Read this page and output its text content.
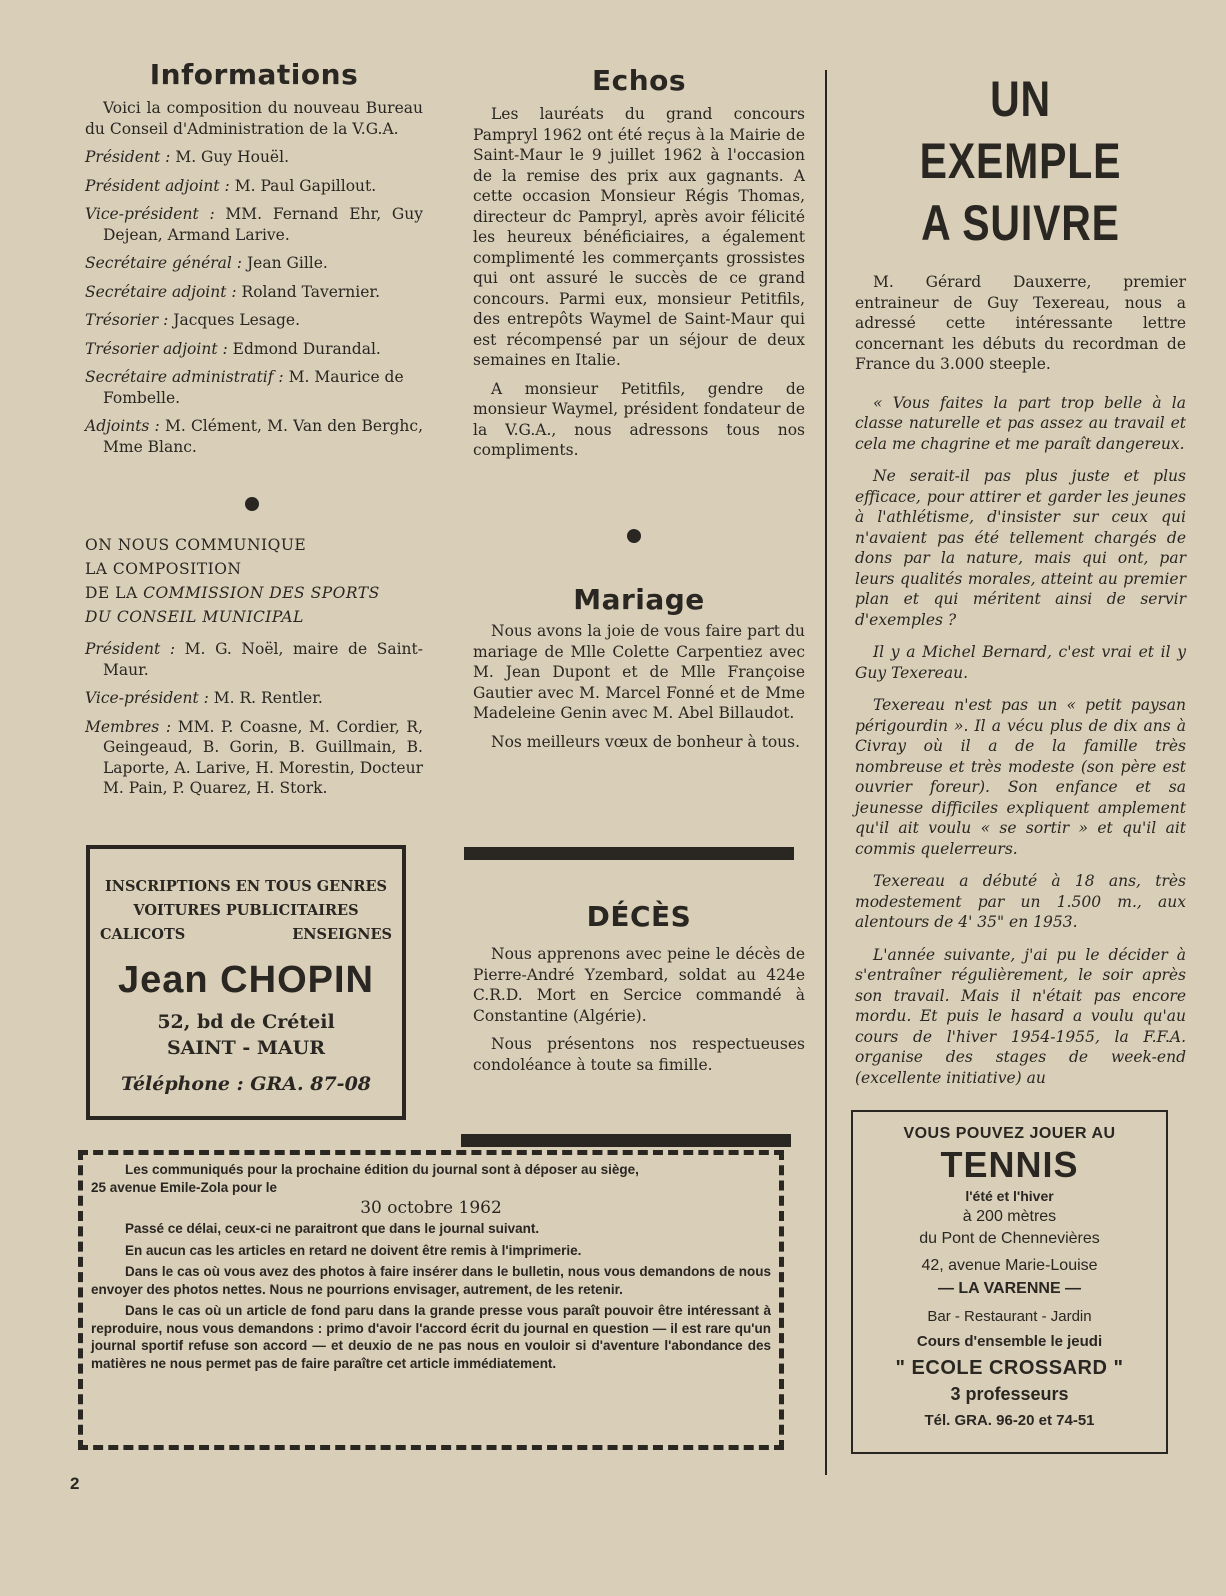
Informations

Voici la composition du nouveau Bureau du Conseil d'Administration de la V.G.A.

Président : M. Guy Houël.

Président adjoint : M. Paul Gapillout.

Vice-président : MM. Fernand Ehr, Guy Dejean, Armand Larive.

Secrétaire général : Jean Gille.

Secrétaire adjoint : Roland Tavernier.

Trésorier : Jacques Lesage.

Trésorier adjoint : Edmond Durandal.

Secrétaire administratif : M. Maurice de Fombelle.

Adjoints : M. Clément, M. Van den Berghc, Mme Blanc.

ON NOUS COMMUNIQUE
LA COMPOSITION
DE LA COMMISSION DES SPORTS
DU CONSEIL MUNICIPAL

Président : M. G. Noël, maire de Saint-Maur.

Vice-président : M. R. Rentler.

Membres : MM. P. Coasne, M. Cordier, R, Geingeaud, B. Gorin, B. Guillmain, B. Laporte, A. Larive, H. Morestin, Docteur M. Pain, P. Quarez, H. Stork.

INSCRIPTIONS EN TOUS GENRES
VOITURES PUBLICITAIRES
CALICOTS	ENSEIGNES
Jean CHOPIN
52, bd de Créteil
SAINT - MAUR
Téléphone : GRA. 87-08
Echos

Les lauréats du grand concours Pampryl 1962 ont été reçus à la Mairie de Saint-Maur le 9 juillet 1962 à l'occasion de la remise des prix aux gagnants. A cette occasion Monsieur Régis Thomas, directeur dc Pampryl, après avoir félicité les heureux bénéficiaires, a également complimenté les commerçants grossistes qui ont assuré le succès de ce grand concours. Parmi eux, monsieur Petitfils, des entrepôts Waymel de Saint-Maur qui est récompensé par un séjour de deux semaines en Italie.

A monsieur Petitfils, gendre de monsieur Waymel, président fondateur de la V.G.A., nous adressons tous nos compliments.

Mariage

Nous avons la joie de vous faire part du mariage de Mlle Colette Carpentiez avec M. Jean Dupont et de Mlle Françoise Gautier avec M. Marcel Fonné et de Mme Madeleine Genin avec M. Abel Billaudot.

Nos meilleurs vœux de bonheur à tous.

DÉCÈS

Nous apprenons avec peine le décès de Pierre-André Yzembard, soldat au 424e C.R.D. Mort en Sercice commandé à Constantine (Algérie).

Nous présentons nos respectueuses condoléance à toute sa fimille.

Les communiqués pour la prochaine édition du journal sont à déposer au siège,
25 avenue Emile-Zola pour le
30 octobre 1962
Passé ce délai, ceux-ci ne paraitront que dans le journal suivant.
En aucun cas les articles en retard ne doivent être remis à l'imprimerie.
Dans le cas où vous avez des photos à faire insérer dans le bulletin, nous vous demandons de nous envoyer des photos nettes. Nous ne pourrions envisager, autrement, de les retenir.
Dans le cas où un article de fond paru dans la grande presse vous paraît pouvoir être intéressant à reproduire, nous vous demandons : primo d'avoir l'accord écrit du journal en question — il est rare qu'un journal sportif refuse son accord — et deuxio de ne pas nous en vouloir si d'aventure l'abondance des matières ne nous permet pas de faire paraître cet article immédiatement.
2
UN EXEMPLE
A SUIVRE

M. Gérard Dauxerre, premier entraineur de Guy Texereau, nous a adressé cette intéressante lettre concernant les débuts du recordman de France du 3.000 steeple.

« Vous faites la part trop belle à la classe naturelle et pas assez au travail et cela me chagrine et me paraît dangereux.

Ne serait-il pas plus juste et plus efficace, pour attirer et garder les jeunes à l'athlétisme, d'insister sur ceux qui n'avaient pas été tellement chargés de dons par la nature, mais qui ont, par leurs qualités morales, atteint au premier plan et qui méritent ainsi de servir d'exemples ?

Il y a Michel Bernard, c'est vrai et il y Guy Texereau.

Texereau n'est pas un « petit paysan périgourdin ». Il a vécu plus de dix ans à Civray où il a de la famille très nombreuse et très modeste (son père est ouvrier foreur). Son enfance et sa jeunesse difficiles expliquent amplement qu'il ait voulu « se sortir » et qu'il ait commis quelerreurs.

Texereau a débuté à 18 ans, très modestement par un 1.500 m., aux alentours de 4' 35" en 1953.

L'année suivante, j'ai pu le décider à s'entraîner régulièrement, le soir après son travail. Mais il n'était pas encore mordu. Et puis le hasard a voulu qu'au cours de l'hiver 1954-1955, la F.F.A. organise des stages de week-end (excellente initiative) au

VOUS POUVEZ JOUER AU
TENNIS
l'été et l'hiver
à 200 mètres
du Pont de Chennevières
42, avenue Marie-Louise
— LA VARENNE —
Bar - Restaurant - Jardin
Cours d'ensemble le jeudi
" ECOLE CROSSARD "
3 professeurs
Tél. GRA. 96-20 et 74-51
